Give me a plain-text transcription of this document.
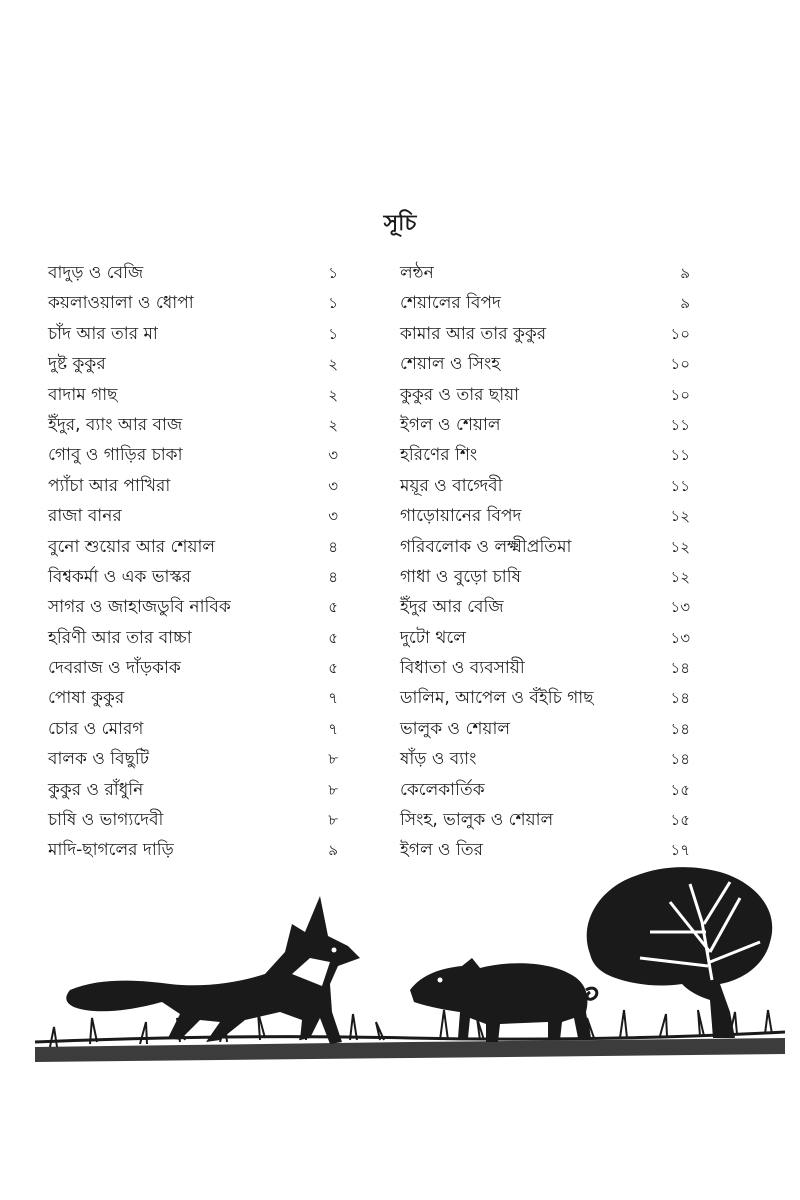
সূচি
বাদুড় ও বেজি	১
কয়লাওয়ালা ও ধোপা	১
চাঁদ আর তার মা	১
দুষ্ট কুকুর	২
বাদাম গাছ	২
ইঁদুর, ব্যাং আর বাজ	২
গোবু ও গাড়ির চাকা	৩
প্যাঁচা আর পাখিরা	৩
রাজা বানর	৩
বুনো শুয়োর আর শেয়াল	৪
বিশ্বকর্মা ও এক ভাস্কর	৪
সাগর ও জাহাজডুবি নাবিক	৫
হরিণী আর তার বাচ্চা	৫
দেবরাজ ও দাঁড়কাক	৫
পোষা কুকুর	৭
চোর ও মোরগ	৭
বালক ও বিছুটি	৮
কুকুর ও রাঁধুনি	৮
চাষি ও ভাগ্যদেবী	৮
মাদি-ছাগলের দাড়ি	৯
লন্ঠন	৯
শেয়ালের বিপদ	৯
কামার আর তার কুকুর	১০
শেয়াল ও সিংহ	১০
কুকুর ও তার ছায়া	১০
ইগল ও শেয়াল	১১
হরিণের শিং	১১
ময়ূর ও বাগ্দেবী	১১
গাড়োয়ানের বিপদ	১২
গরিবলোক ও লক্ষ্মীপ্রতিমা	১২
গাধা ও বুড়ো চাষি	১২
ইঁদুর আর বেজি	১৩
দুটো থলে	১৩
বিধাতা ও ব্যবসায়ী	১৪
ডালিম, আপেল ও বঁইচি গাছ	১৪
ভালুক ও শেয়াল	১৪
ষাঁড় ও ব্যাং	১৪
কেলেকার্তিক	১৫
সিংহ, ভালুক ও শেয়াল	১৫
ইগল ও তির	১৭
